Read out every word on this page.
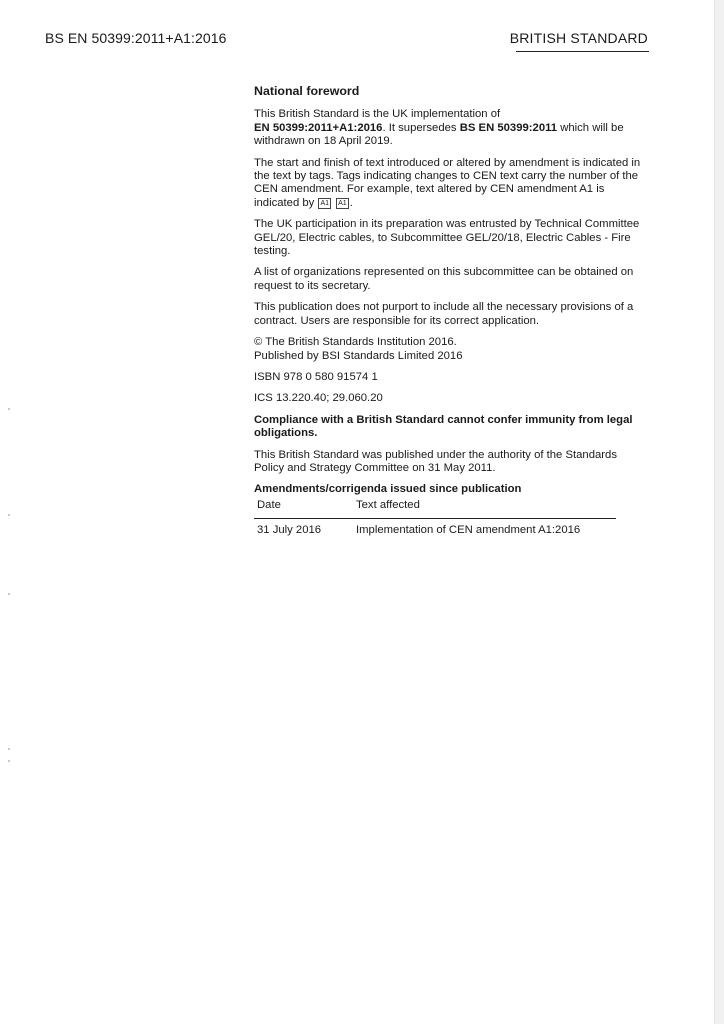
BS EN 50399:2011+A1:2016	BRITISH STANDARD
National foreword

This British Standard is the UK implementation of
EN 50399:2011+A1:2016. It supersedes BS EN 50399:2011 which will be withdrawn on 18 April 2019.

The start and finish of text introduced or altered by amendment is indicated in the text by tags. Tags indicating changes to CEN text carry the number of the CEN amendment. For example, text altered by CEN amendment A1 is indicated by A1 A1 .

The UK participation in its preparation was entrusted by Technical Committee GEL/20, Electric cables, to Subcommittee GEL/20/18, Electric Cables - Fire testing.

A list of organizations represented on this subcommittee can be obtained on request to its secretary.

This publication does not purport to include all the necessary provisions of a contract. Users are responsible for its correct application.

© The British Standards Institution 2016.
Published by BSI Standards Limited 2016

ISBN 978 0 580 91574 1

ICS 13.220.40; 29.060.20

Compliance with a British Standard cannot confer immunity from legal obligations.

This British Standard was published under the authority of the Standards Policy and Strategy Committee on 31 May 2011.

Amendments/corrigenda issued since publication
Date	Text affected
31 July 2016	Implementation of CEN amendment A1:2016
